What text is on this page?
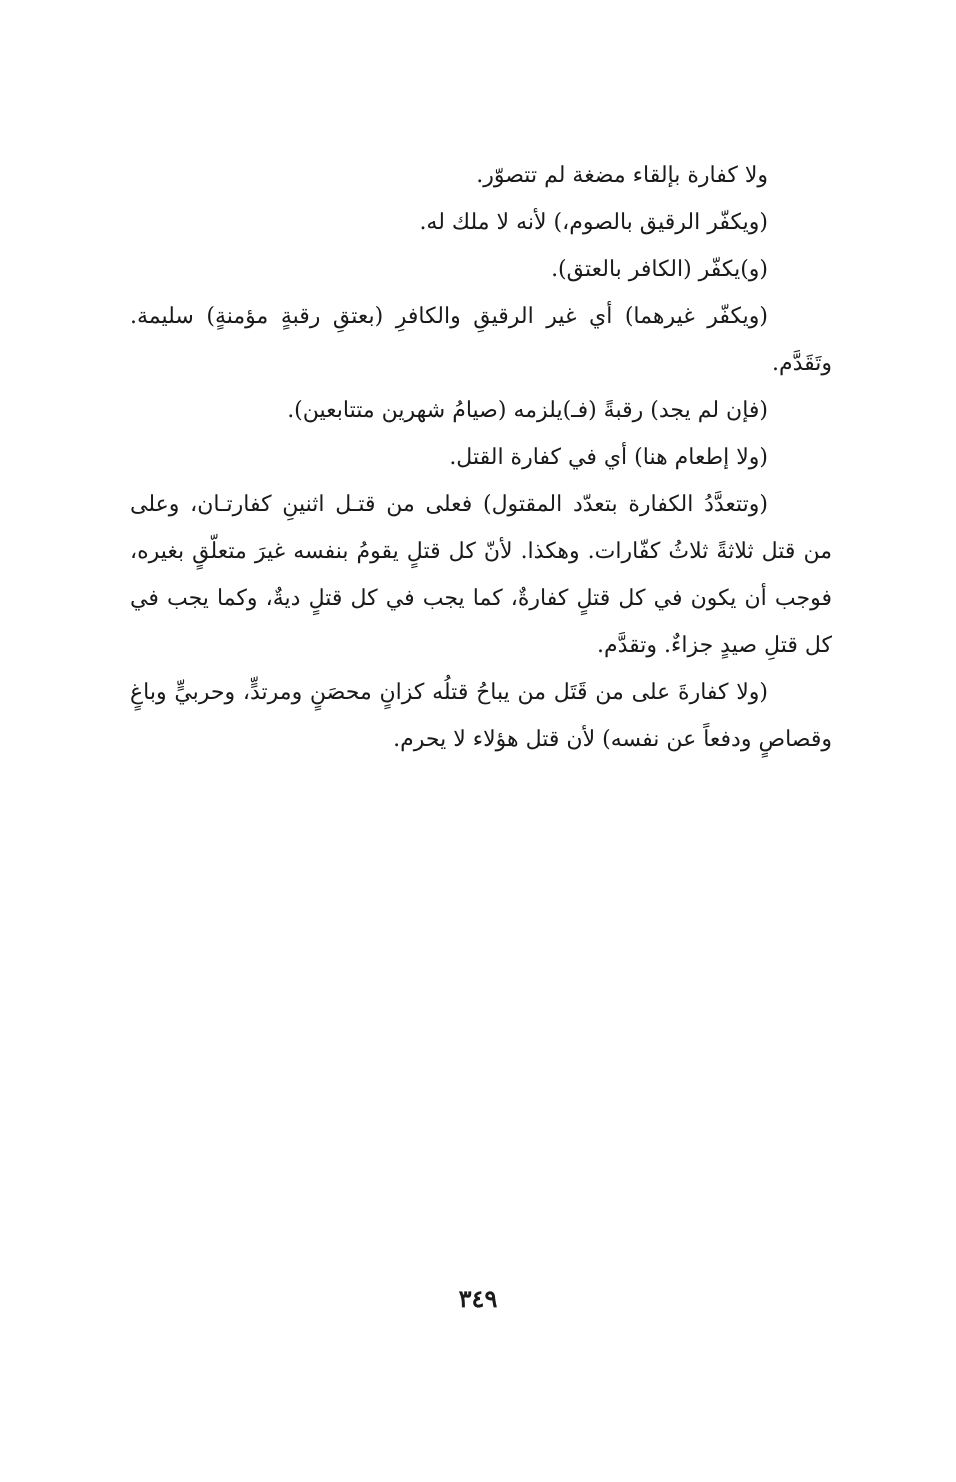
ولا كفارة بإلقاء مضغة لم تتصوّر.

(ويكفّر الرقيق بالصوم،) لأنه لا ملك له.

(و)يكفّر (الكافر بالعتق).

(ويكفّر غيرهما) أي غير الرقيقِ والكافرِ (بعتقِ رقبةٍ مؤمنةٍ) سليمة. وتَقَدَّم.

(فإن لم يجد) رقبةً (فـ)يلزمه (صيامُ شهرين متتابعين).

(ولا إطعام هنا) أي في كفارة القتل.

(وتتعدَّدُ الكفارة بتعدّد المقتول) فعلى من قتـل اثنينِ كفارتـان، وعلى من قتل ثلاثةً ثلاثُ كفّارات. وهكذا. لأنّ كل قتلٍ يقومُ بنفسه غيرَ متعلّقٍ بغيره، فوجب أن يكون في كل قتلٍ كفارةٌ، كما يجب في كل قتلٍ ديةٌ، وكما يجب في كل قتلِ صيدٍ جزاءٌ. وتقدَّم.

(ولا كفارةَ على من قَتَل من يباحُ قتلُه كزانٍ محصَنٍ ومرتدٍّ، وحربيٍّ وباغٍ وقصاصٍ ودفعاً عن نفسه) لأن قتل هؤلاء لا يحرم.

٣٤٩
